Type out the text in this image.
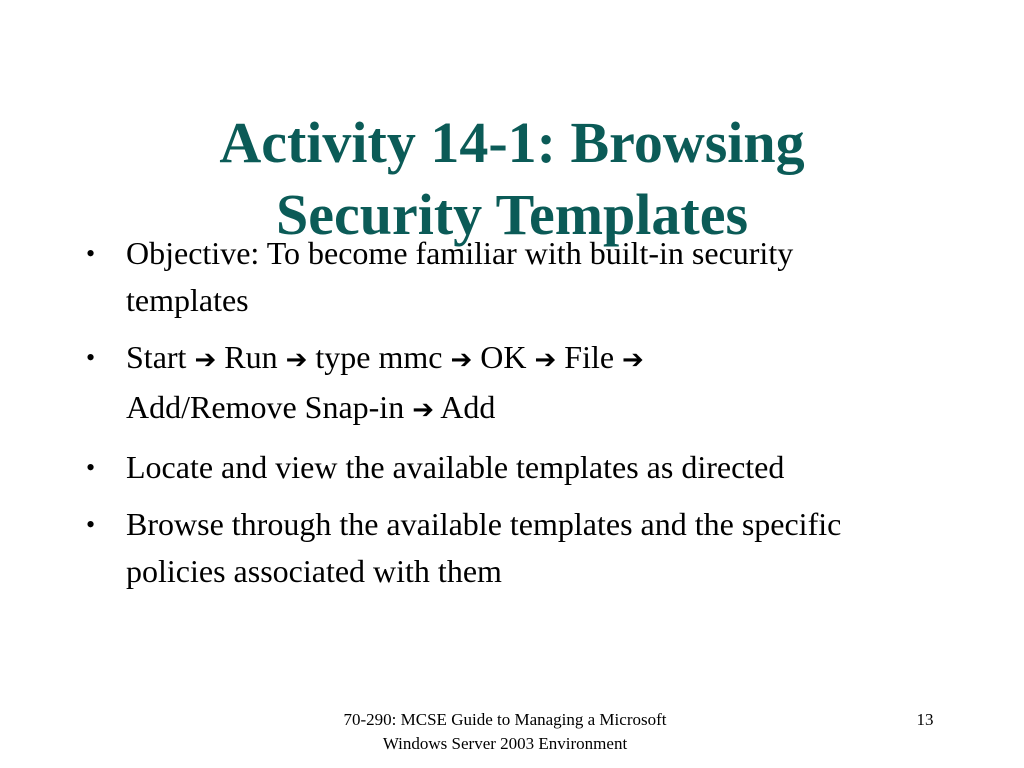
Activity 14-1: Browsing
Security Templates
• Objective: To become familiar with built-in security templates
• Start ➔ Run ➔ type mmc ➔ OK ➔ File ➔
Add/Remove Snap-in ➔ Add
• Locate and view the available templates as directed
• Browse through the available templates and the specific policies associated with them
70-290: MCSE Guide to Managing a Microsoft
Windows Server 2003 Environment
13
